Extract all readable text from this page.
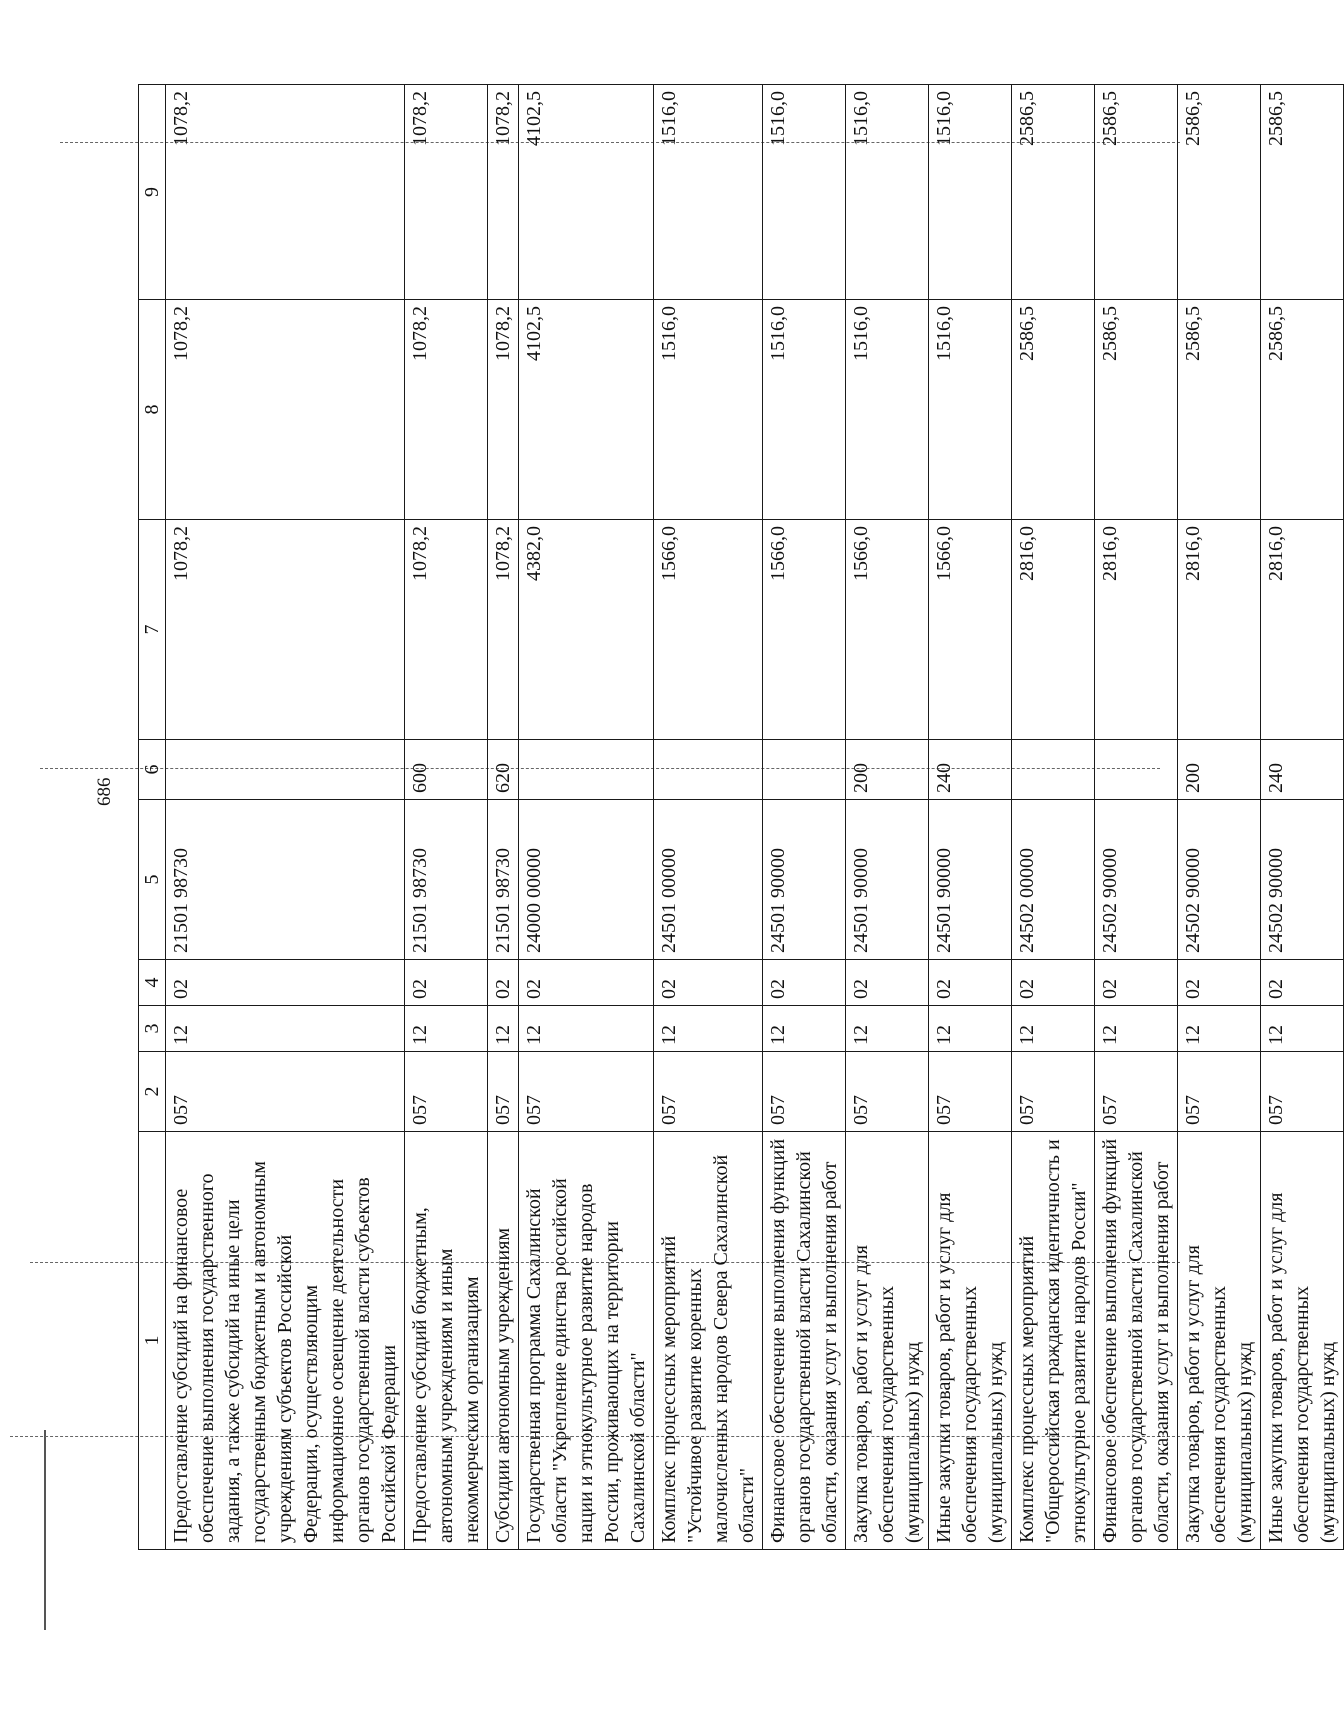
686
1	2	3	4	5	6	7	8	9
Предоставление субсидий на финансовое обеспечение выполнения государственного задания, а также субсидий на иные цели государственным бюджетным и автономным учреждениям субъектов Российской Федерации, осуществляющим информационное освещение деятельности органов государственной власти субъектов Российской Федерации	057	12	02	21501 98730		1078,2	1078,2	1078,2
Предоставление субсидий бюджетным, автономным учреждениям и иным некоммерческим организациям	057	12	02	21501 98730	600	1078,2	1078,2	1078,2
Субсидии автономным учреждениям	057	12	02	21501 98730	620	1078,2	1078,2	1078,2
Государственная программа Сахалинской области "Укрепление единства российской нации и этнокультурное развитие народов России, проживающих на территории Сахалинской области"	057	12	02	24000 00000		4382,0	4102,5	4102,5
Комплекс процессных мероприятий "Устойчивое развитие коренных малочисленных народов Севера Сахалинской области"	057	12	02	24501 00000		1566,0	1516,0	1516,0
Финансовое обеспечение выполнения функций органов государственной власти Сахалинской области, оказания услуг и выполнения работ	057	12	02	24501 90000		1566,0	1516,0	1516,0
Закупка товаров, работ и услуг для обеспечения государственных (муниципальных) нужд	057	12	02	24501 90000	200	1566,0	1516,0	1516,0
Иные закупки товаров, работ и услуг для обеспечения государственных (муниципальных) нужд	057	12	02	24501 90000	240	1566,0	1516,0	1516,0
Комплекс процессных мероприятий "Общероссийская гражданская идентичность и этнокультурное развитие народов России"	057	12	02	24502 00000		2816,0	2586,5	2586,5
Финансовое обеспечение выполнения функций органов государственной власти Сахалинской области, оказания услуг и выполнения работ	057	12	02	24502 90000		2816,0	2586,5	2586,5
Закупка товаров, работ и услуг для обеспечения государственных (муниципальных) нужд	057	12	02	24502 90000	200	2816,0	2586,5	2586,5
Иные закупки товаров, работ и услуг для обеспечения государственных (муниципальных) нужд	057	12	02	24502 90000	240	2816,0	2586,5	2586,5
